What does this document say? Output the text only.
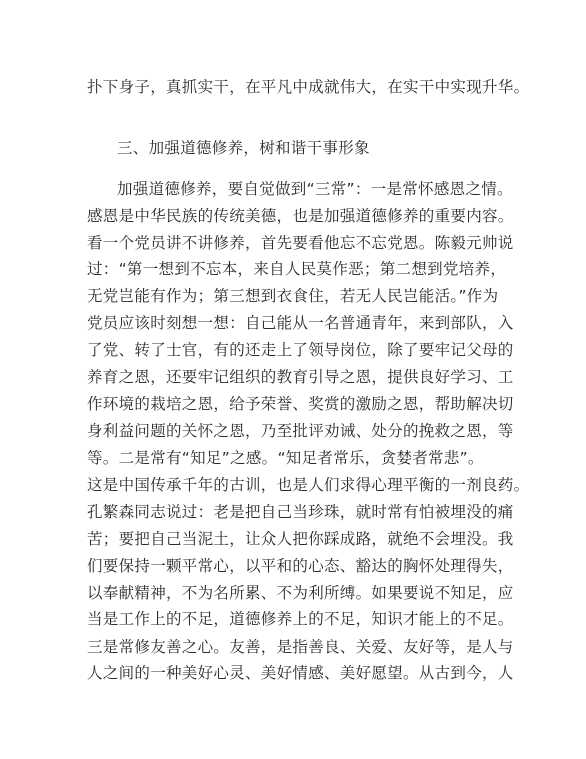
扑下身子，真抓实干，在平凡中成就伟大，在实干中实现升华。
三、加强道德修养，树和谐干事形象
加强道德修养，要自觉做到“三常”：一是常怀感恩之情。
感恩是中华民族的传统美德，也是加强道德修养的重要内容。
看一个党员讲不讲修养，首先要看他忘不忘党恩。陈毅元帅说
过：“第一想到不忘本，来自人民莫作恶；第二想到党培养，
无党岂能有作为；第三想到衣食住，若无人民岂能活。”作为
党员应该时刻想一想：自己能从一名普通青年，来到部队，入
了党、转了士官，有的还走上了领导岗位，除了要牢记父母的
养育之恩，还要牢记组织的教育引导之恩，提供良好学习、工
作环境的栽培之恩，给予荣誉、奖赏的激励之恩，帮助解决切
身利益问题的关怀之恩，乃至批评劝诫、处分的挽救之恩，等
等。二是常有“知足”之感。“知足者常乐，贪婪者常悲”。
这是中国传承千年的古训，也是人们求得心理平衡的一剂良药。
孔繁森同志说过：老是把自己当珍珠，就时常有怕被埋没的痛
苦；要把自己当泥土，让众人把你踩成路，就绝不会埋没。我
们要保持一颗平常心，以平和的心态、豁达的胸怀处理得失，
以奉献精神，不为名所累、不为利所缚。如果要说不知足，应
当是工作上的不足，道德修养上的不足，知识才能上的不足。
三是常修友善之心。友善，是指善良、关爱、友好等，是人与
人之间的一种美好心灵、美好情感、美好愿望。从古到今，人
